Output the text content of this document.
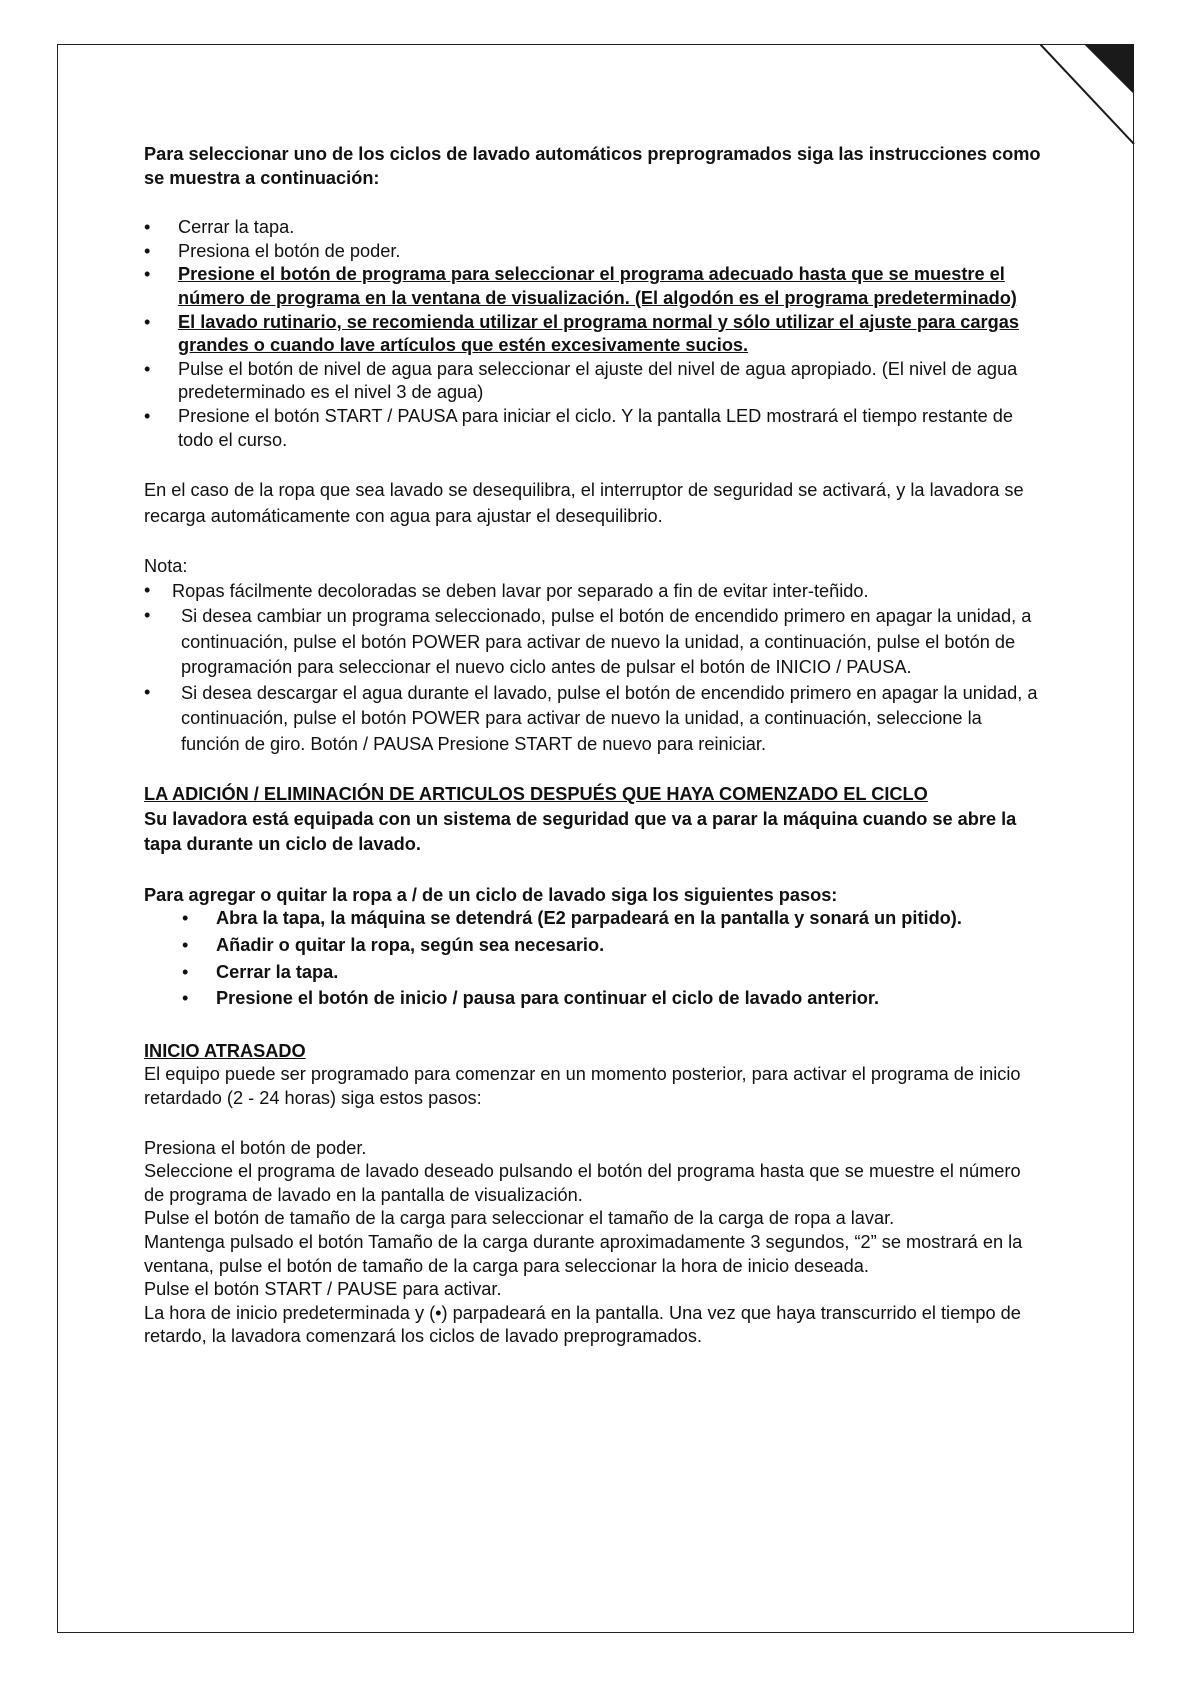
Para seleccionar uno de los ciclos de lavado automáticos preprogramados siga las instrucciones como se muestra a continuación:

• Cerrar la tapa.
• Presiona el botón de poder.
• Presione el botón de programa para seleccionar el programa adecuado hasta que se muestre el número de programa en la ventana de visualización. (El algodón es el programa predeterminado)
• El lavado rutinario, se recomienda utilizar el programa normal y sólo utilizar el ajuste para cargas grandes o cuando lave artículos que estén excesivamente sucios.
• Pulse el botón de nivel de agua para seleccionar el ajuste del nivel de agua apropiado. (El nivel de agua predeterminado es el nivel 3 de agua)
• Presione el botón START / PAUSA para iniciar el ciclo. Y la pantalla LED mostrará el tiempo restante de todo el curso.

En el caso de la ropa que sea lavado se desequilibra, el interruptor de seguridad se activará, y la lavadora se recarga automáticamente con agua para ajustar el desequilibrio.

Nota:

• Ropas fácilmente decoloradas se deben lavar por separado a fin de evitar inter-teñido.

• Si desea cambiar un programa seleccionado, pulse el botón de encendido primero en apagar la unidad, a continuación, pulse el botón POWER para activar de nuevo la unidad, a continuación, pulse el botón de programación para seleccionar el nuevo ciclo antes de pulsar el botón de INICIO / PAUSA.

• Si desea descargar el agua durante el lavado, pulse el botón de encendido primero en apagar la unidad, a continuación, pulse el botón POWER para activar de nuevo la unidad, a continuación, seleccione la función de giro. Botón / PAUSA Presione START de nuevo para reiniciar.

LA ADICIÓN / ELIMINACIÓN DE ARTICULOS DESPUÉS QUE HAYA COMENZADO EL CICLO

Su lavadora está equipada con un sistema de seguridad que va a parar la máquina cuando se abre la tapa durante un ciclo de lavado.

Para agregar o quitar la ropa a / de un ciclo de lavado siga los siguientes pasos:

• Abra la tapa, la máquina se detendrá (E2 parpadeará en la pantalla y sonará un pitido).
• Añadir o quitar la ropa, según sea necesario.
• Cerrar la tapa.
• Presione el botón de inicio / pausa para continuar el ciclo de lavado anterior.

INICIO ATRASADO

El equipo puede ser programado para comenzar en un momento posterior, para activar el programa de inicio retardado (2 - 24 horas) siga estos pasos:

Presiona el botón de poder.

Seleccione el programa de lavado deseado pulsando el botón del programa hasta que se muestre el número de programa de lavado en la pantalla de visualización.

Pulse el botón de tamaño de la carga para seleccionar el tamaño de la carga de ropa a lavar.

Mantenga pulsado el botón Tamaño de la carga durante aproximadamente 3 segundos, “2” se mostrará en la ventana, pulse el botón de tamaño de la carga para seleccionar la hora de inicio deseada.

Pulse el botón START / PAUSE para activar.

La hora de inicio predeterminada y (•) parpadeará en la pantalla. Una vez que haya transcurrido el tiempo de retardo, la lavadora comenzará los ciclos de lavado preprogramados.
